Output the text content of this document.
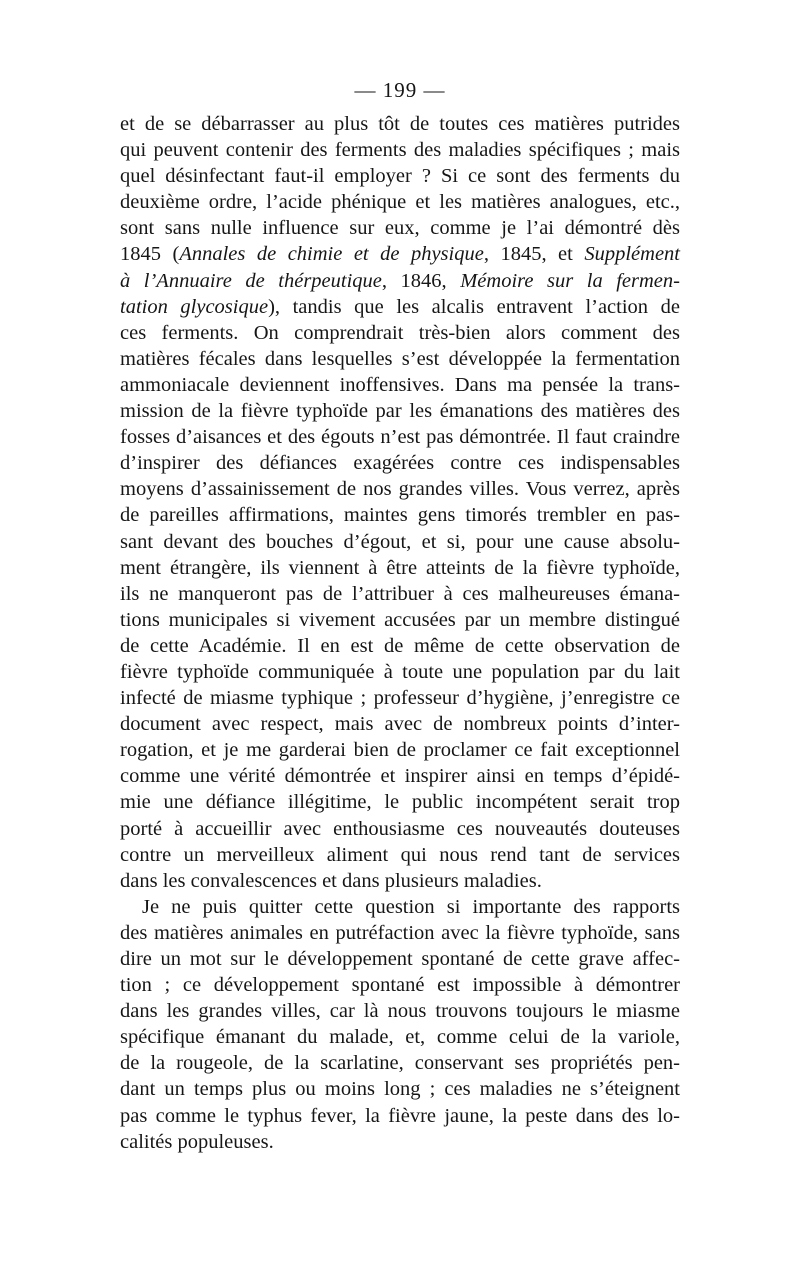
— 199 —
et de se débarrasser au plus tôt de toutes ces matières putrides
qui peuvent contenir des ferments des maladies spécifiques ; mais
quel désinfectant faut-il employer ? Si ce sont des ferments du
deuxième ordre, l’acide phénique et les matières analogues, etc.,
sont sans nulle influence sur eux, comme je l’ai démontré dès
1845 (Annales de chimie et de physique, 1845, et Supplément
à l’Annuaire de thérpeutique, 1846, Mémoire sur la fermen-
tation glycosique), tandis que les alcalis entravent l’action de
ces ferments. On comprendrait très-bien alors comment des
matières fécales dans lesquelles s’est développée la fermentation
ammoniacale deviennent inoffensives. Dans ma pensée la trans-
mission de la fièvre typhoïde par les émanations des matières des
fosses d’aisances et des égouts n’est pas démontrée. Il faut craindre
d’inspirer des défiances exagérées contre ces indispensables
moyens d’assainissement de nos grandes villes. Vous verrez, après
de pareilles affirmations, maintes gens timorés trembler en pas-
sant devant des bouches d’égout, et si, pour une cause absolu-
ment étrangère, ils viennent à être atteints de la fièvre typhoïde,
ils ne manqueront pas de l’attribuer à ces malheureuses émana-
tions municipales si vivement accusées par un membre distingué
de cette Académie. Il en est de même de cette observation de
fièvre typhoïde communiquée à toute une population par du lait
infecté de miasme typhique ; professeur d’hygiène, j’enregistre ce
document avec respect, mais avec de nombreux points d’inter-
rogation, et je me garderai bien de proclamer ce fait exceptionnel
comme une vérité démontrée et inspirer ainsi en temps d’épidé-
mie une défiance illégitime, le public incompétent serait trop
porté à accueillir avec enthousiasme ces nouveautés douteuses
contre un merveilleux aliment qui nous rend tant de services
dans les convalescences et dans plusieurs maladies.
Je ne puis quitter cette question si importante des rapports
des matières animales en putréfaction avec la fièvre typhoïde, sans
dire un mot sur le développement spontané de cette grave affec-
tion ; ce développement spontané est impossible à démontrer
dans les grandes villes, car là nous trouvons toujours le miasme
spécifique émanant du malade, et, comme celui de la variole,
de la rougeole, de la scarlatine, conservant ses propriétés pen-
dant un temps plus ou moins long ; ces maladies ne s’éteignent
pas comme le typhus fever, la fièvre jaune, la peste dans des lo-
calités populeuses.
